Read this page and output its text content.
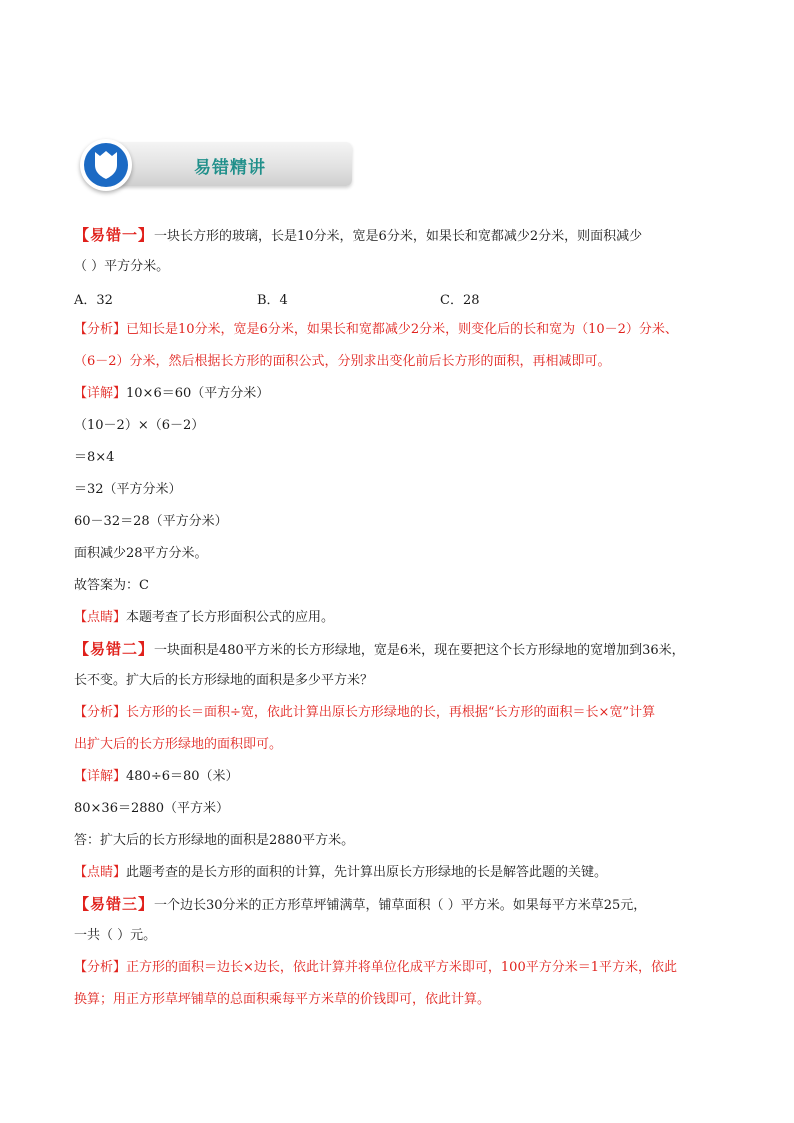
易错精讲
【易错一】一块长方形的玻璃，长是10分米，宽是6分米，如果长和宽都减少2分米，则面积减少
（ ）平方分米。
A．32	B．4	C．28
【分析】已知长是10分米，宽是6分米，如果长和宽都减少2分米，则变化后的长和宽为（10－2）分米、
（6－2）分米，然后根据长方形的面积公式，分别求出变化前后长方形的面积，再相减即可。
【详解】10×6＝60（平方分米）
（10－2）×（6－2）
＝8×4
＝32（平方分米）
60－32＝28（平方分米）
面积减少28平方分米。
故答案为：C
【点睛】本题考查了长方形面积公式的应用。
【易错二】一块面积是480平方米的长方形绿地，宽是6米，现在要把这个长方形绿地的宽增加到36米，
长不变。扩大后的长方形绿地的面积是多少平方米？
【分析】长方形的长＝面积÷宽，依此计算出原长方形绿地的长，再根据“长方形的面积＝长×宽”计算
出扩大后的长方形绿地的面积即可。
【详解】480÷6＝80（米）
80×36＝2880（平方米）
答：扩大后的长方形绿地的面积是2880平方米。
【点睛】此题考查的是长方形的面积的计算，先计算出原长方形绿地的长是解答此题的关键。
【易错三】一个边长30分米的正方形草坪铺满草，铺草面积（ ）平方米。如果每平方米草25元，
一共（ ）元。
【分析】正方形的面积＝边长×边长，依此计算并将单位化成平方米即可，100平方分米＝1平方米，依此
换算；用正方形草坪铺草的总面积乘每平方米草的价钱即可，依此计算。
